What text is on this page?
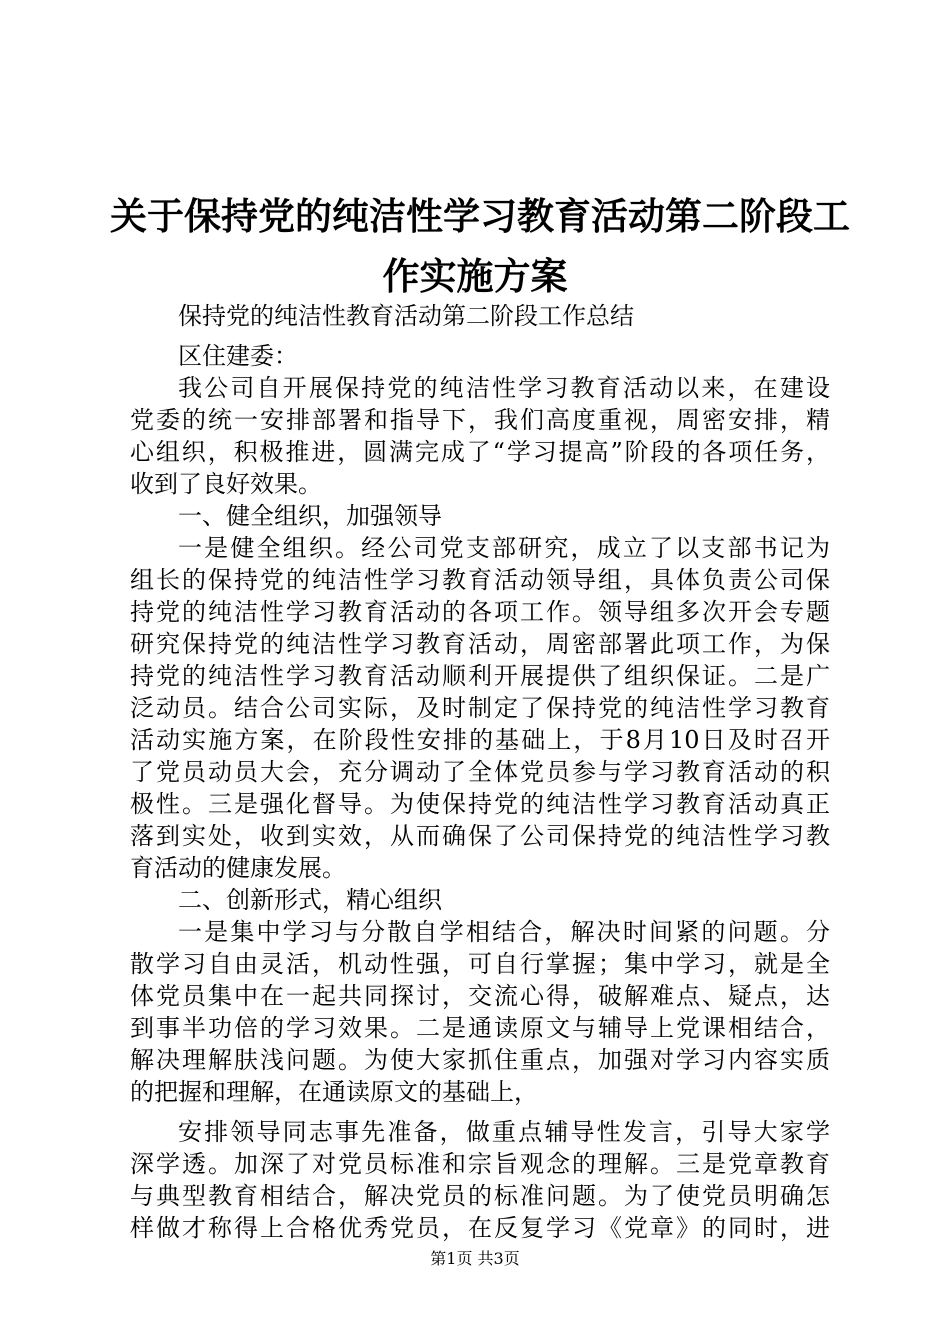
关于保持党的纯洁性学习教育活动第二阶段工
作实施方案
保持党的纯洁性教育活动第二阶段工作总结
区住建委：
我公司自开展保持党的纯洁性学习教育活动以来，在建设
党委的统一安排部署和指导下，我们高度重视，周密安排，精
心组织，积极推进，圆满完成了“学习提高”阶段的各项任务，
收到了良好效果。
一、健全组织，加强领导
一是健全组织。经公司党支部研究，成立了以支部书记为
组长的保持党的纯洁性学习教育活动领导组，具体负责公司保
持党的纯洁性学习教育活动的各项工作。领导组多次开会专题
研究保持党的纯洁性学习教育活动，周密部署此项工作，为保
持党的纯洁性学习教育活动顺利开展提供了组织保证。二是广
泛动员。结合公司实际，及时制定了保持党的纯洁性学习教育
活动实施方案，在阶段性安排的基础上，于8月10日及时召开
了党员动员大会，充分调动了全体党员参与学习教育活动的积
极性。三是强化督导。为使保持党的纯洁性学习教育活动真正
落到实处，收到实效，从而确保了公司保持党的纯洁性学习教
育活动的健康发展。
二、创新形式，精心组织
一是集中学习与分散自学相结合，解决时间紧的问题。分
散学习自由灵活，机动性强，可自行掌握；集中学习，就是全
体党员集中在一起共同探讨，交流心得，破解难点、疑点，达
到事半功倍的学习效果。二是通读原文与辅导上党课相结合，
解决理解肤浅问题。为使大家抓住重点，加强对学习内容实质
的把握和理解，在通读原文的基础上，
安排领导同志事先准备，做重点辅导性发言，引导大家学
深学透。加深了对党员标准和宗旨观念的理解。三是党章教育
与典型教育相结合，解决党员的标准问题。为了使党员明确怎
样做才称得上合格优秀党员，在反复学习《党章》的同时，进
第1页 共3页
